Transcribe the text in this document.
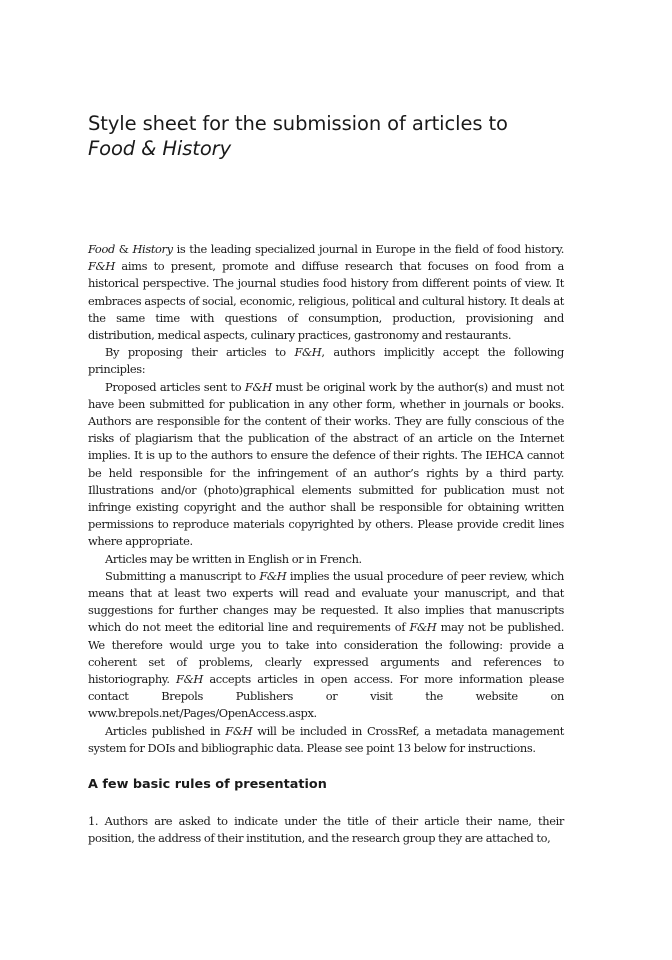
Style sheet for the submission of articles to
Food & History

Food & History is the leading specialized journal in Europe in the field of food history. F&H aims to present, promote and diffuse research that focuses on food from a historical perspective. The journal studies food history from different points of view. It embraces aspects of social, economic, religious, political and cultural history. It deals at the same time with questions of consumption, production, provisioning and distribution, medical aspects, culinary practices, gastronomy and restaurants.

By proposing their articles to F&H, authors implicitly accept the following principles:

Proposed articles sent to F&H must be original work by the author(s) and must not have been submitted for publication in any other form, whether in journals or books. Authors are responsible for the content of their works. They are fully conscious of the risks of plagiarism that the publication of the abstract of an article on the Internet implies. It is up to the authors to ensure the defence of their rights. The IEHCA cannot be held responsible for the infringement of an author’s rights by a third party. Illustrations and/or (photo)graphical elements submitted for publication must not infringe existing copyright and the author shall be responsible for obtaining written permissions to reproduce materials copyrighted by others. Please provide credit lines where appropriate.

Articles may be written in English or in French.

Submitting a manuscript to F&H implies the usual procedure of peer review, which means that at least two experts will read and evaluate your manuscript, and that suggestions for further changes may be requested. It also implies that manuscripts which do not meet the editorial line and requirements of F&H may not be published. We therefore would urge you to take into consideration the following: provide a coherent set of problems, clearly expressed arguments and references to historiography. F&H accepts articles in open access. For more information please contact Brepols Publishers or visit the website on www.brepols.net/Pages/OpenAccess.aspx.

Articles published in F&H will be included in CrossRef, a metadata management system for DOIs and bibliographic data. Please see point 13 below for instructions.

A few basic rules of presentation

1. Authors are asked to indicate under the title of their article their name, their position, the address of their institution, and the research group they are attached to,
